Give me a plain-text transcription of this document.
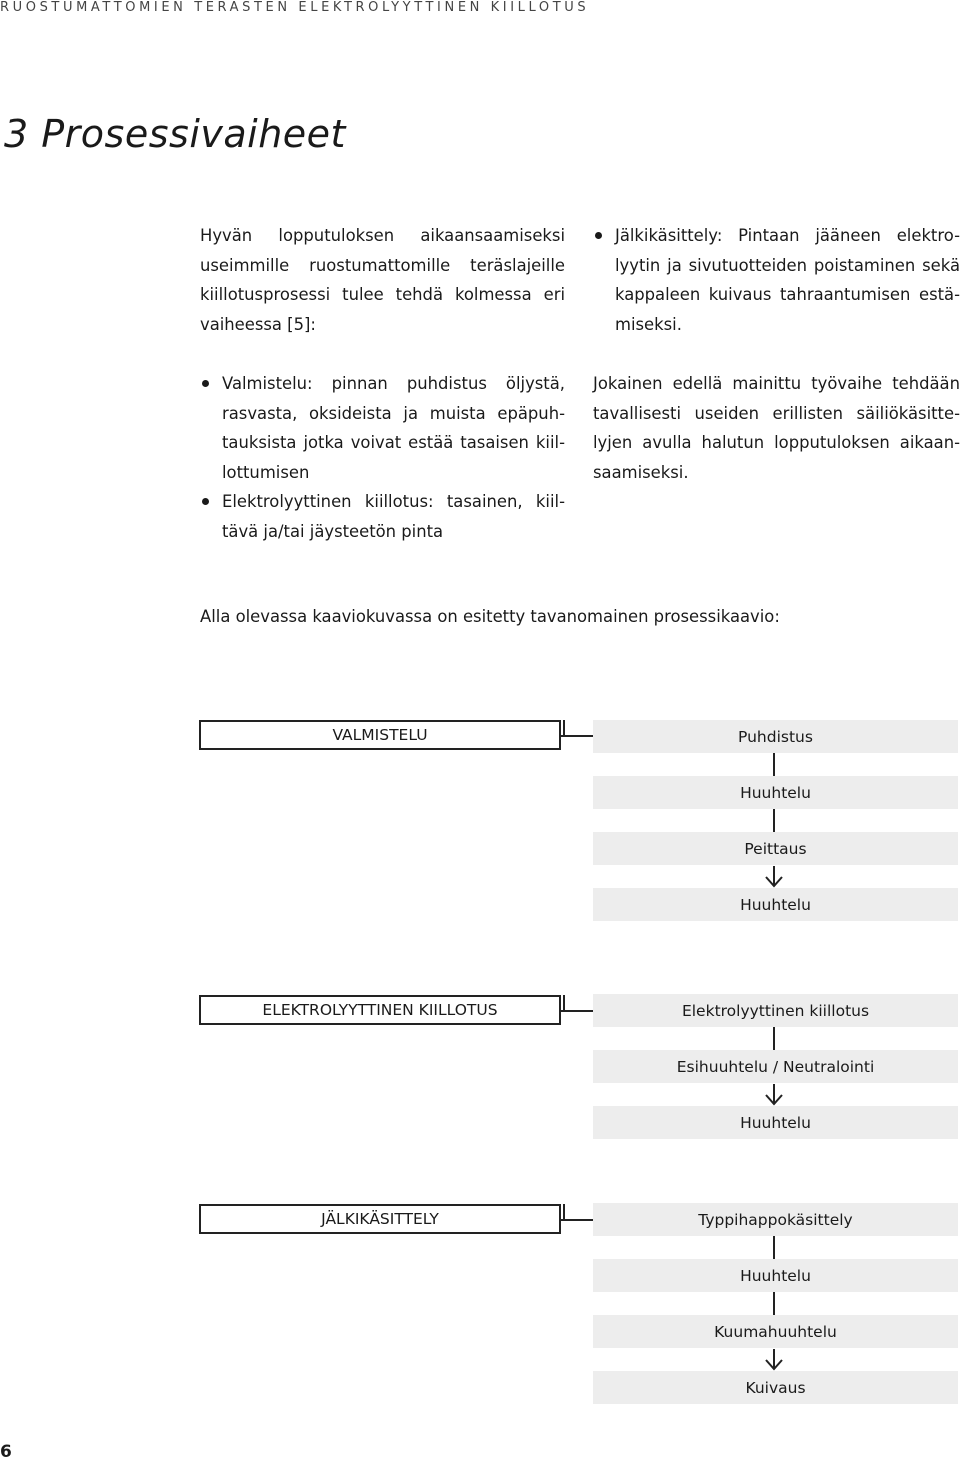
RUOSTUMATTOMIEN TERÄSTEN ELEKTROLYYTTINEN KIILLOTUS
3 Prosessivaiheet

Hyvän lopputuloksen aikaansaamiseksi

useimmille ruostumattomille teräslajeille

kiillotusprosessi tulee tehdä kolmessa eri

vaiheessa [5]:

Valmistelu: pinnan puhdistus öljystä,

rasvasta, oksideista ja muista epäpuh-

tauksista jotka voivat estää tasaisen kiil-

lottumisen

Elektrolyyttinen kiillotus: tasainen, kiil-

tävä ja/tai jäysteetön pinta

Jälkikäsittely: Pintaan jääneen elektro-

lyytin ja sivutuotteiden poistaminen sekä

kappaleen kuivaus tahraantumisen estä-

miseksi.

Jokainen edellä mainittu työvaihe tehdään

tavallisesti useiden erillisten säiliökäsitte-

lyjen avulla halutun lopputuloksen aikaan-

saamiseksi.

Alla olevassa kaaviokuvassa on esitetty tavanomainen prosessikaavio:

VALMISTELU	Puhdistus
Huuhtelu
Peittaus
Huuhtelu
ELEKTROLYYTTINEN KIILLOTUS	Elektrolyyttinen kiillotus
Esihuuhtelu / Neutralointi
Huuhtelu
JÄLKIKÄSITTELY	Typpihappokäsittely
Huuhtelu
Kuumahuuhtelu
Kuivaus

6
